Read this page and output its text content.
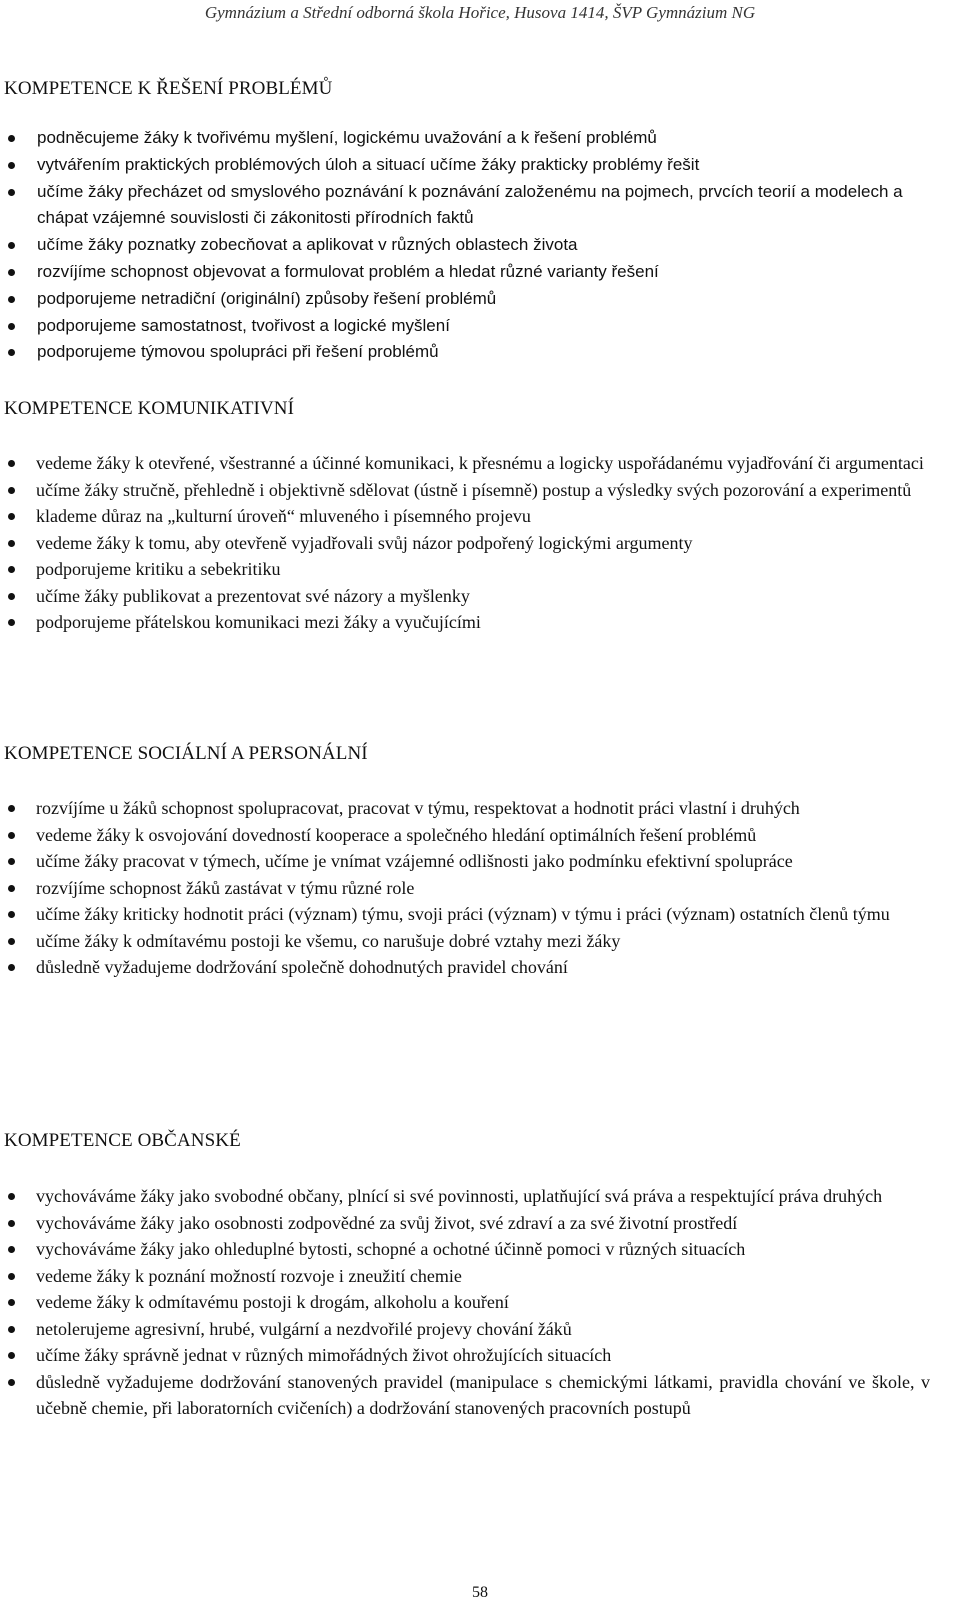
Gymnázium a Střední odborná škola Hořice, Husova 1414, ŠVP Gymnázium NG
KOMPETENCE K ŘEŠENÍ PROBLÉMŮ
podněcujeme žáky k tvořivému myšlení, logickému uvažování a k řešení problémů
vytvářením praktických problémových úloh a situací učíme žáky prakticky problémy řešit
učíme žáky přecházet od smyslového poznávání k poznávání založenému na pojmech, prvcích teorií a modelech a chápat vzájemné souvislosti či zákonitosti přírodních faktů
učíme žáky poznatky zobecňovat a aplikovat v různých oblastech života
rozvíjíme schopnost objevovat a formulovat problém a hledat různé varianty řešení
podporujeme netradiční (originální) způsoby řešení problémů
podporujeme samostatnost, tvořivost a logické myšlení
podporujeme týmovou spolupráci při řešení problémů
KOMPETENCE KOMUNIKATIVNÍ
vedeme žáky k otevřené, všestranné a účinné komunikaci, k přesnému a logicky uspořádanému vyjadřování či argumentaci
učíme žáky stručně, přehledně i objektivně sdělovat (ústně i písemně) postup a výsledky svých pozorování a experimentů
klademe důraz na „kulturní úroveň“ mluveného i písemného projevu
vedeme žáky k tomu, aby otevřeně vyjadřovali svůj názor podpořený logickými argumenty
podporujeme kritiku a sebekritiku
učíme žáky publikovat a prezentovat své názory a myšlenky
podporujeme přátelskou komunikaci mezi žáky a vyučujícími
KOMPETENCE SOCIÁLNÍ A PERSONÁLNÍ
rozvíjíme u žáků schopnost spolupracovat, pracovat v týmu, respektovat a hodnotit práci vlastní i druhých
vedeme žáky k osvojování dovedností kooperace a společného hledání optimálních řešení problémů
učíme žáky pracovat v týmech, učíme je vnímat vzájemné odlišnosti jako podmínku efektivní spolupráce
rozvíjíme schopnost žáků zastávat v týmu různé role
učíme žáky kriticky hodnotit práci (význam) týmu, svoji práci (význam) v týmu i práci (význam) ostatních členů týmu
učíme žáky k odmítavému postoji ke všemu, co narušuje dobré vztahy mezi žáky
důsledně vyžadujeme dodržování společně dohodnutých pravidel chování
KOMPETENCE OBČANSKÉ
vychováváme žáky jako svobodné občany, plnící si své povinnosti, uplatňující svá práva a respektující práva druhých
vychováváme žáky jako osobnosti zodpovědné za svůj život, své zdraví a za své životní prostředí
vychováváme žáky jako ohleduplné bytosti, schopné a ochotné účinně pomoci v různých situacích
vedeme žáky k poznání možností rozvoje i zneužití chemie
vedeme žáky k odmítavému postoji k drogám, alkoholu a kouření
netolerujeme agresivní, hrubé, vulgární a nezdvořilé projevy chování žáků
učíme žáky správně jednat v různých mimořádných život ohrožujících situacích
důsledně vyžadujeme dodržování stanovených pravidel (manipulace s chemickými látkami, pravidla chování ve škole, v učebně chemie, při laboratorních cvičeních) a dodržování stanovených pracovních postupů
58
